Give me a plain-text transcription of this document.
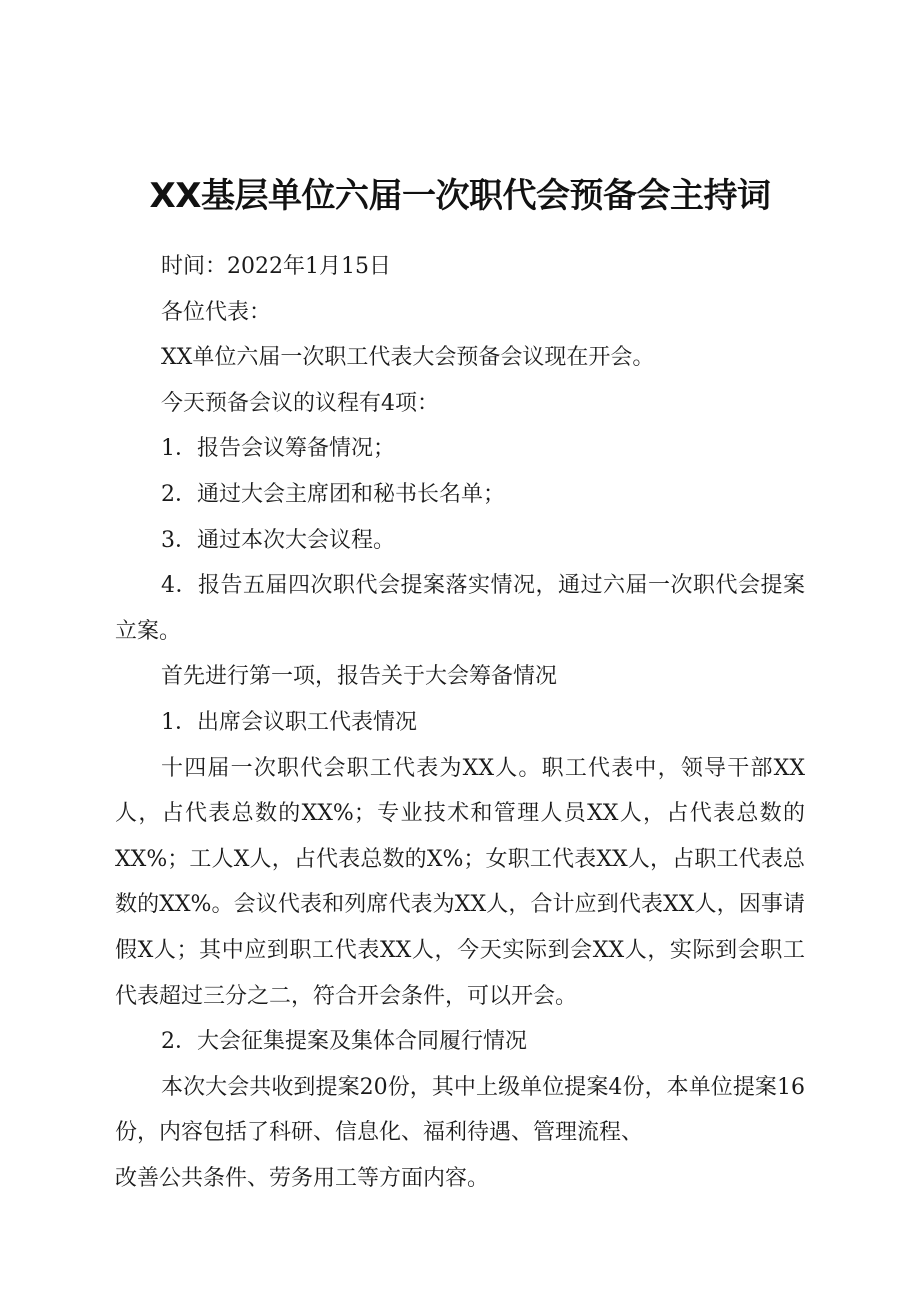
XX基层单位六届一次职代会预备会主持词

时间：2022年1月15日

各位代表：

XX单位六届一次职工代表大会预备会议现在开会。

今天预备会议的议程有4项：

1．报告会议筹备情况；

2．通过大会主席团和秘书长名单；

3．通过本次大会议程。

4．报告五届四次职代会提案落实情况，通过六届一次职代会提案立案。

首先进行第一项，报告关于大会筹备情况

1．出席会议职工代表情况

十四届一次职代会职工代表为XX人。职工代表中，领导干部XX人，占代表总数的XX%；专业技术和管理人员XX人，占代表总数的XX%；工人X人，占代表总数的X%；女职工代表XX人，占职工代表总数的XX%。会议代表和列席代表为XX人，合计应到代表XX人，因事请假X人；其中应到职工代表XX人，今天实际到会XX人，实际到会职工代表超过三分之二，符合开会条件，可以开会。

2．大会征集提案及集体合同履行情况

本次大会共收到提案20份，其中上级单位提案4份，本单位提案16份，内容包括了科研、信息化、福利待遇、管理流程、

改善公共条件、劳务用工等方面内容。
